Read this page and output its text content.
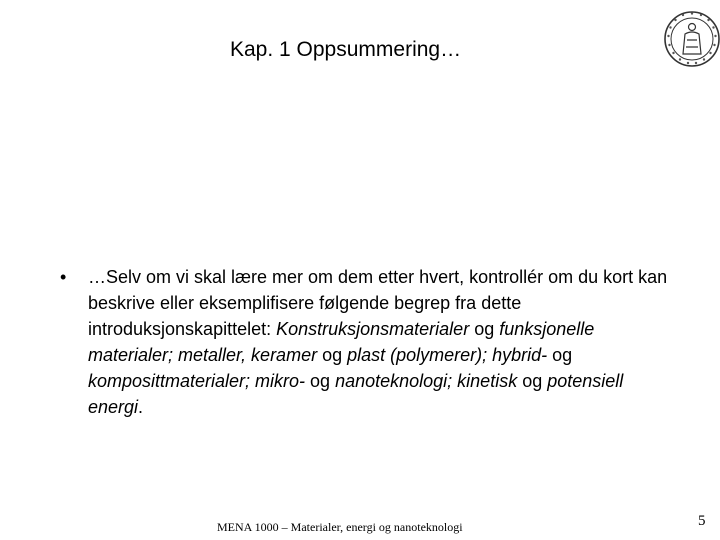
Kap. 1 Oppsummering…
• …Selv om vi skal lære mer om dem etter hvert, kontrollér om du kort kan beskrive eller eksemplifisere følgende begrep fra dette introduksjonskapittelet: Konstruksjonsmaterialer og funksjonelle materialer; metaller, keramer og plast (polymerer); hybrid- og komposittmaterialer; mikro- og nanoteknologi; kinetisk og potensiell energi.
MENA 1000 – Materialer, energi og nanoteknologi	5
